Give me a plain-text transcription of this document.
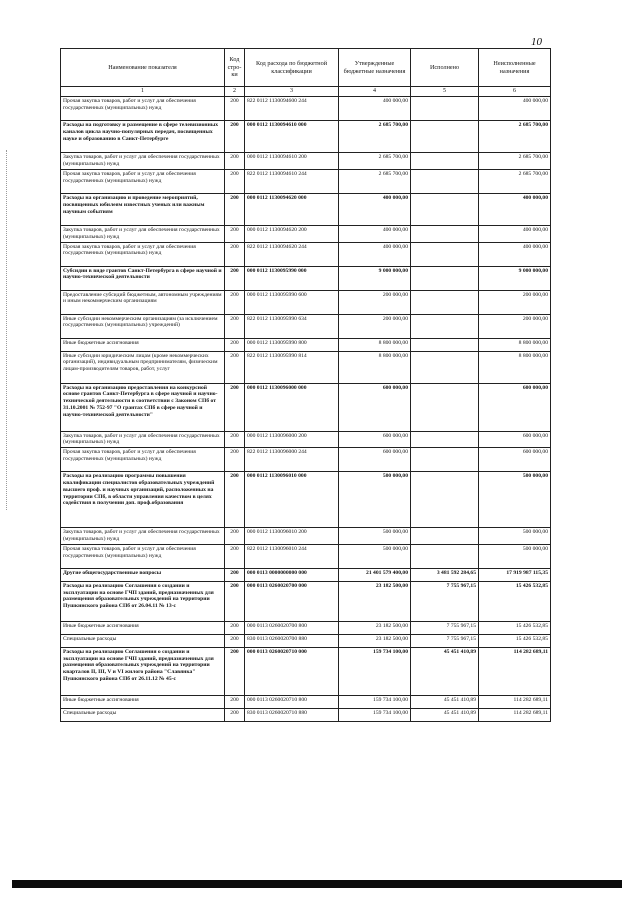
10
Наименование показателя	Код стро-ки	Код расхода по бюджетной классификации	Утвержденные бюджетные назначения	Исполнено	Неисполненные назначения
1	2	3	4	5	6
Прочая закупка товаров, работ и услуг для обеспечения государственных (муниципальных) нужд	200	822 0112 1130094600 244	400 000,00		400 000,00
Расходы на подготовку и размещение в сфере телевизионных каналов цикла научно-популярных передач, посвященных науке и образованию в Санкт-Петербурге	200	000 0112 1130094610 000	2 685 700,00		2 685 700,00
Закупка товаров, работ и услуг для обеспечения государственных (муниципальных) нужд	200	000 0112 1130094610 200	2 685 700,00		2 685 700,00
Прочая закупка товаров, работ и услуг для обеспечения государственных (муниципальных) нужд	200	822 0112 1130094610 244	2 685 700,00		2 685 700,00
Расходы на организацию и проведение мероприятий, посвященных юбилеям известных ученых или важным научным событиям	200	000 0112 1130094620 000	400 000,00		400 000,00
Закупка товаров, работ и услуг для обеспечения государственных (муниципальных) нужд	200	000 0112 1130094620 200	400 000,00		400 000,00
Прочая закупка товаров, работ и услуг для обеспечения государственных (муниципальных) нужд	200	822 0112 1130094620 244	400 000,00		400 000,00
Субсидии в виде грантов Санкт-Петербурга в сфере научной и научно-технической деятельности	200	000 0112 1130095990 000	9 000 000,00		9 000 000,00
Предоставление субсидий бюджетным, автономным учреждениям и иным некоммерческим организациям	200	000 0112 1130095990 600	200 000,00		200 000,00
Иные субсидии некоммерческим организациям (за исключением государственных (муниципальных) учреждений)	200	822 0112 1130095990 634	200 000,00		200 000,00
Иные бюджетные ассигнования	200	000 0112 1130095990 800	8 800 000,00		8 800 000,00
Иные субсидии юридическим лицам (кроме некоммерческих организаций), индивидуальным предпринимателям, физическим лицам-производителям товаров, работ, услуг	200	822 0112 1130095990 814	8 800 000,00		8 800 000,00
Расходы на организацию предоставления на конкурсной основе грантов Санкт-Петербурга в сфере научной и научно-технической деятельности в соответствии с Законом СПб от 31.10.2001 № 752-97 "О грантах СПб в сфере научной и научно-технической деятельности"	200	000 0112 1130096000 000	600 000,00		600 000,00
Закупка товаров, работ и услуг для обеспечения государственных (муниципальных) нужд	200	000 0112 1130096000 200	600 000,00		600 000,00
Прочая закупка товаров, работ и услуг для обеспечения государственных (муниципальных) нужд	200	822 0112 1130096000 244	600 000,00		600 000,00
Расходы на реализацию программы повышения квалификации специалистов образовательных учреждений высшего проф. и научных организаций, расположенных на территории СПб, в области управления качеством в целях содействия в получении доп. проф.образования	200	000 0112 1130096010 000	500 000,00		500 000,00
Закупка товаров, работ и услуг для обеспечения государственных (муниципальных) нужд	200	000 0112 1130096010 200	500 000,00		500 000,00
Прочая закупка товаров, работ и услуг для обеспечения государственных (муниципальных) нужд	200	822 0112 1130096010 244	500 000,00		500 000,00
Другие общегосударственные вопросы	200	000 0113 0000000000 000	21 401 579 400,00	3 481 592 284,65	17 919 987 115,35
Расходы на реализацию Соглашения о создании и эксплуатации на основе ГЧП зданий, предназначенных для размещения образовательных учреждений на территории Пушкинского района СПб от 26.04.11 № 13-с	200	000 0113 0260020700 000	23 182 500,00	7 755 967,15	15 426 532,85
Иные бюджетные ассигнования	200	000 0113 0260020700 800	23 182 500,00	7 755 967,15	15 426 532,85
Специальные расходы	200	830 0113 0260020700 880	23 182 500,00	7 755 967,15	15 426 532,85
Расходы на реализацию Соглашения о создании и эксплуатации на основе ГЧП зданий, предназначенных для размещения образовательных учреждений на территории кварталов II, III, V и VI жилого района "Славянка" Пушкинского района СПб от 26.11.12 № 45-с	200	000 0113 0260020710 000	159 734 100,00	45 451 410,89	114 282 689,11
Иные бюджетные ассигнования	200	000 0113 0260020710 800	159 734 100,00	45 451 410,89	114 282 689,11
Специальные расходы	200	830 0113 0260020710 880	159 734 100,00	45 451 410,89	114 282 689,11
